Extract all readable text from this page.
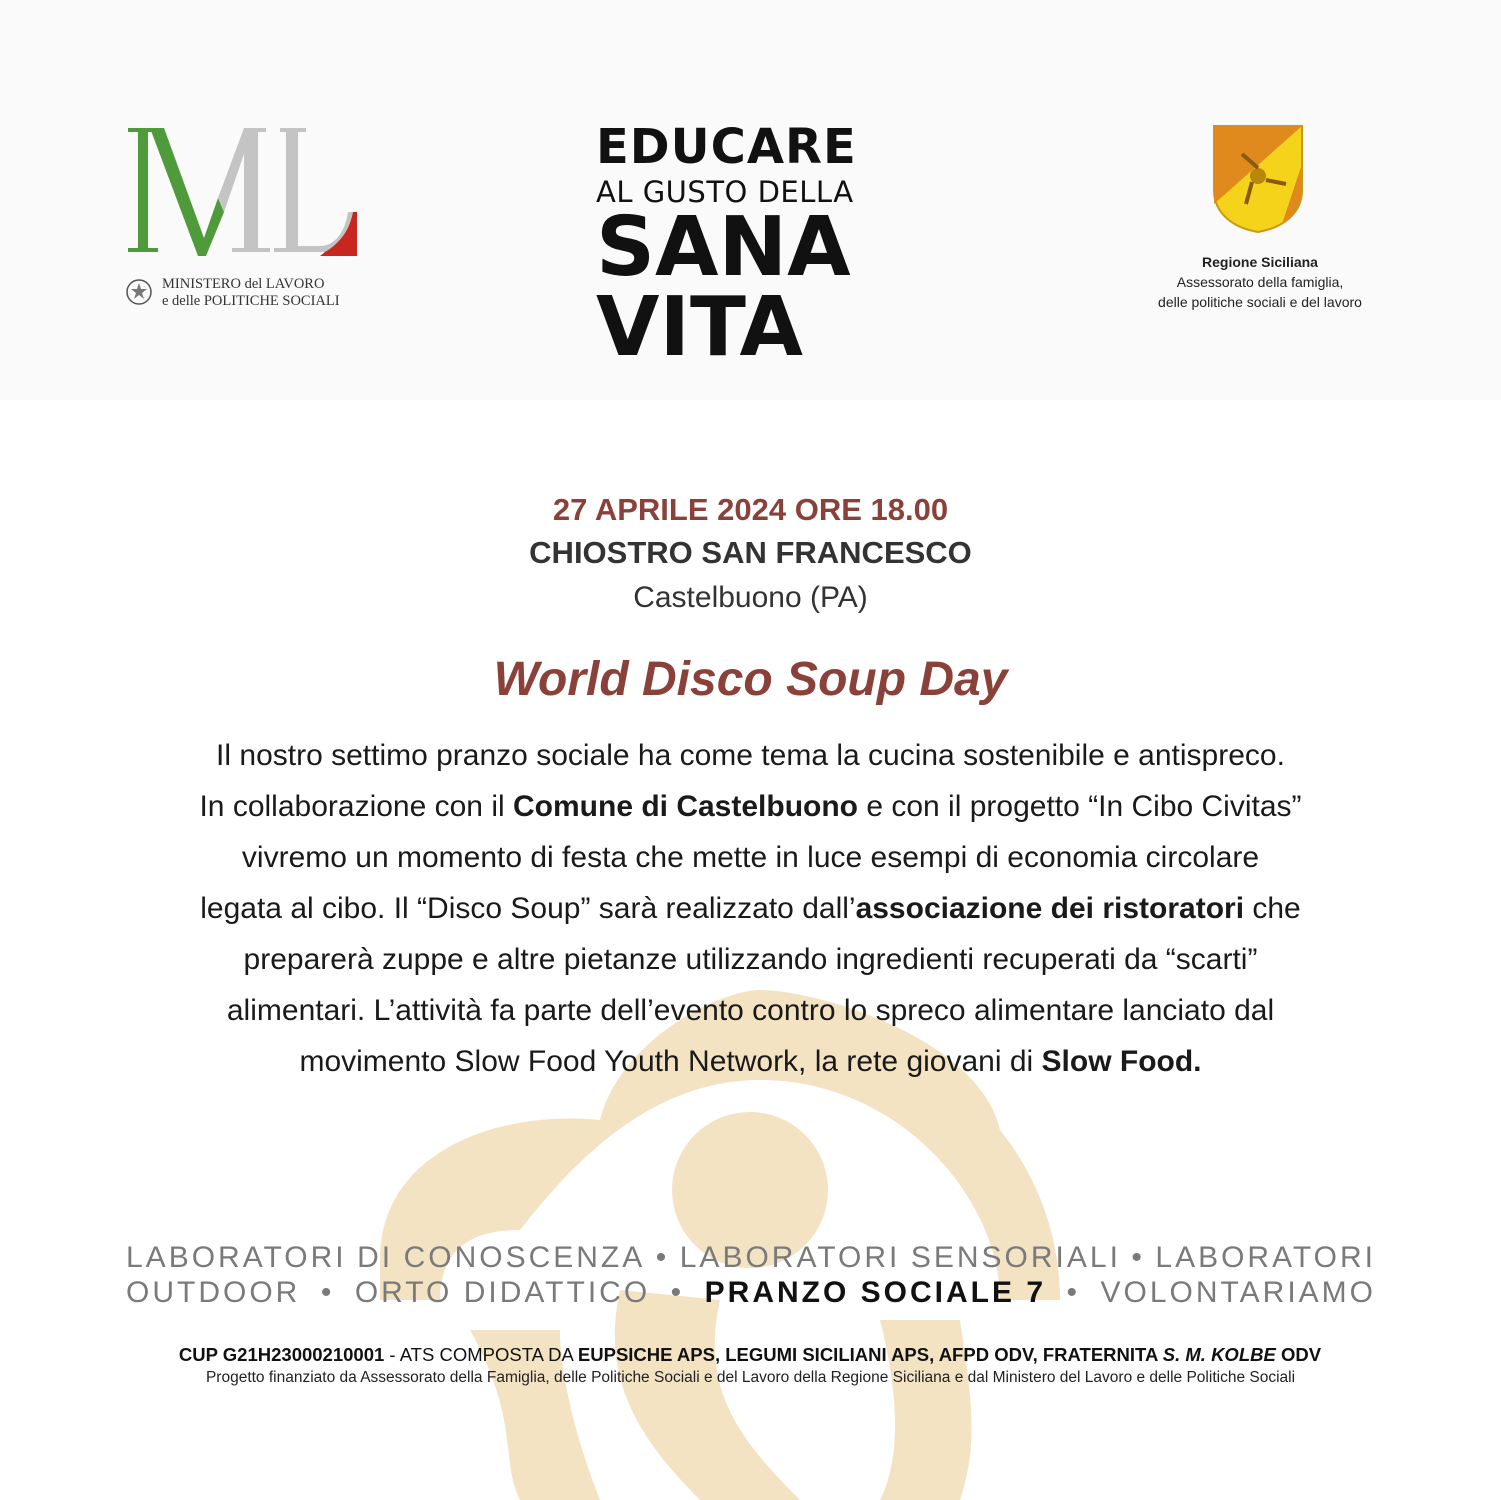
MINISTERO del LAVORO
e delle POLITICHE SOCIALI
EDUCARE
AL GUSTO DELLA
SANA
VITA
Regione Siciliana
Assessorato della famiglia,
delle politiche sociali e del lavoro
27 APRILE 2024 ORE 18.00
CHIOSTRO SAN FRANCESCO
Castelbuono (PA)
World Disco Soup Day
Il nostro settimo pranzo sociale ha come tema la cucina sostenibile e antispreco.
In collaborazione con il Comune di Castelbuono e con il progetto “In Cibo Civitas”
vivremo un momento di festa che mette in luce esempi di economia circolare
legata al cibo. Il “Disco Soup” sarà realizzato dall’associazione dei ristoratori che
preparerà zuppe e altre pietanze utilizzando ingredienti recuperati da “scarti”
alimentari. L’attività fa parte dell’evento contro lo spreco alimentare lanciato dal
movimento Slow Food Youth Network, la rete giovani di Slow Food.
LABORATORI DI CONOSCENZA • LABORATORI SENSORIALI • LABORATORI
OUTDOOR • ORTO DIDATTICO • PRANZO SOCIALE 7 • VOLONTARIAMO
CUP G21H23000210001 - ATS COMPOSTA DA EUPSICHE APS, LEGUMI SICILIANI APS, AFPD ODV, FRATERNITA S. M. KOLBE ODV
Progetto finanziato da Assessorato della Famiglia, delle Politiche Sociali e del Lavoro della Regione Siciliana e dal Ministero del Lavoro e delle Politiche Sociali
